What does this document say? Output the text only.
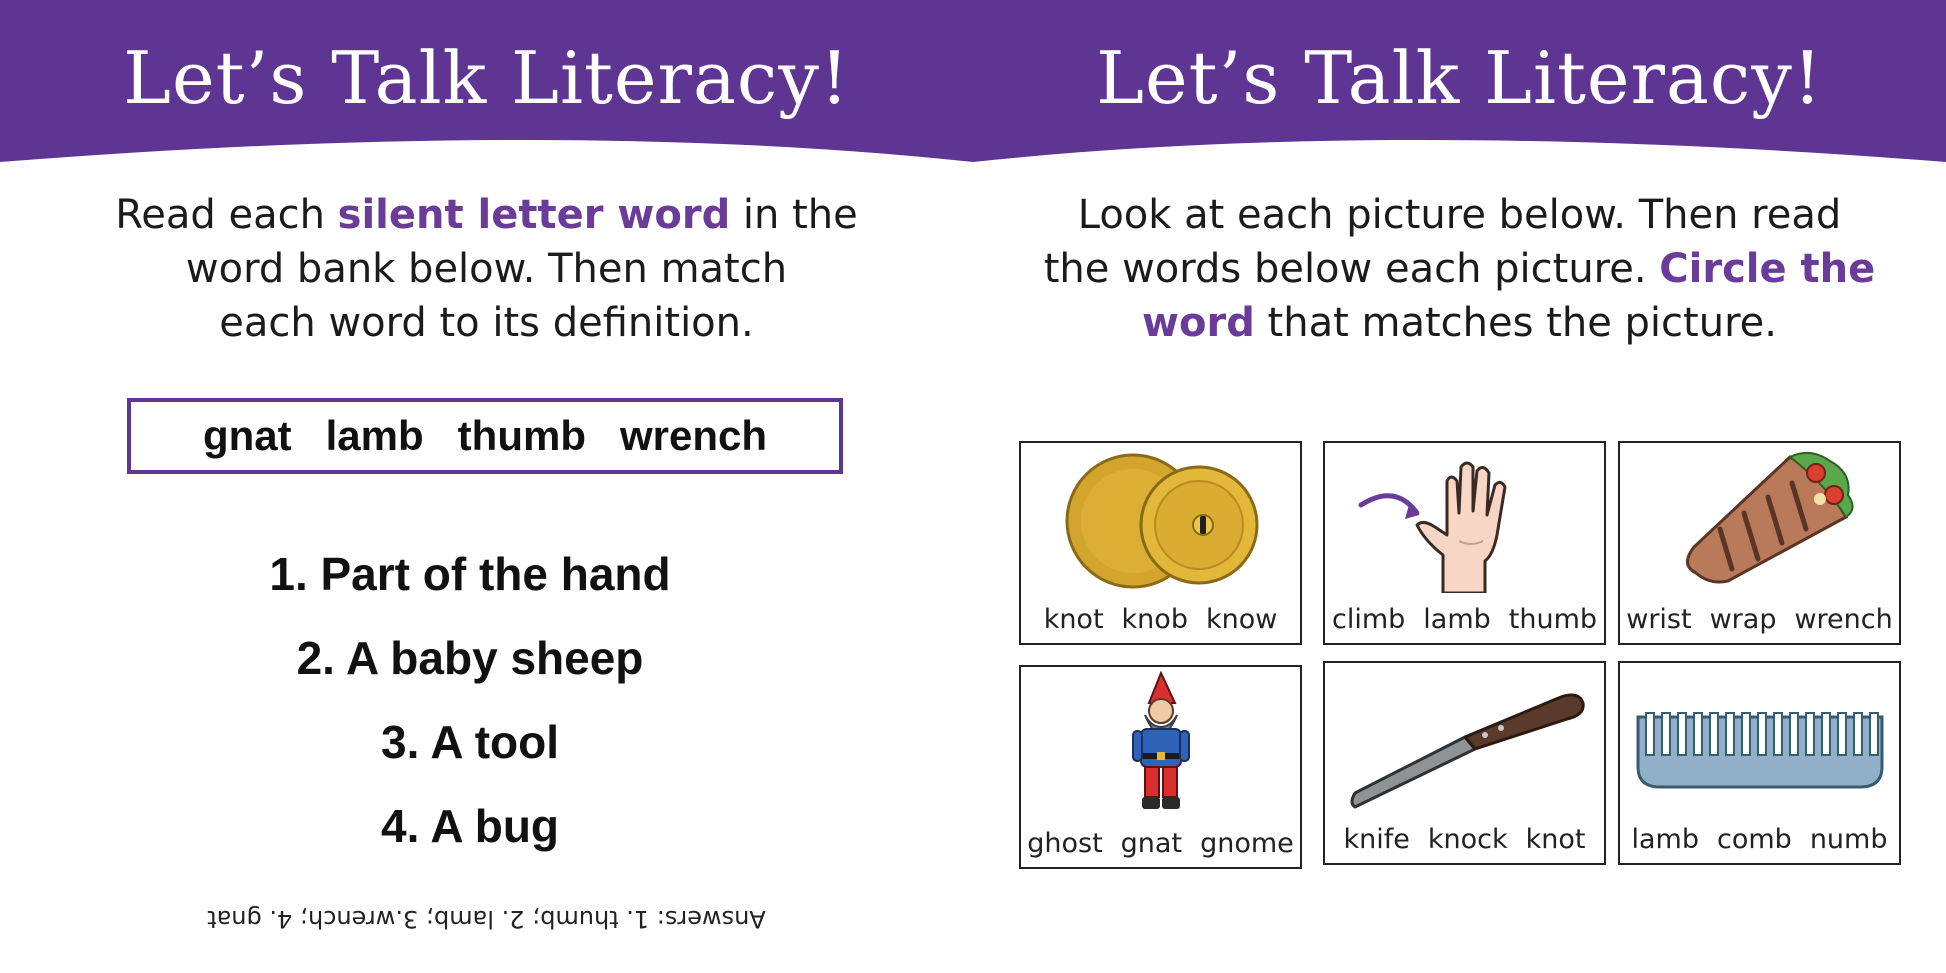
Let’s Talk Literacy!
Read each silent letter word in the
word bank below. Then match
each word to its definition.
gnat lamb thumb wrench
1. Part of the hand
2. A baby sheep
3. A tool
4. A bug
Answers: 1. thumb; 2. lamb; 3.wrench; 4. gnat
Let’s Talk Literacy!
Look at each picture below. Then read
the words below each picture. Circle the
word that matches the picture.
knot knob know climb lamb thumb wrist wrap wrench
ghost gnat gnome knife knock knot lamb comb numb
